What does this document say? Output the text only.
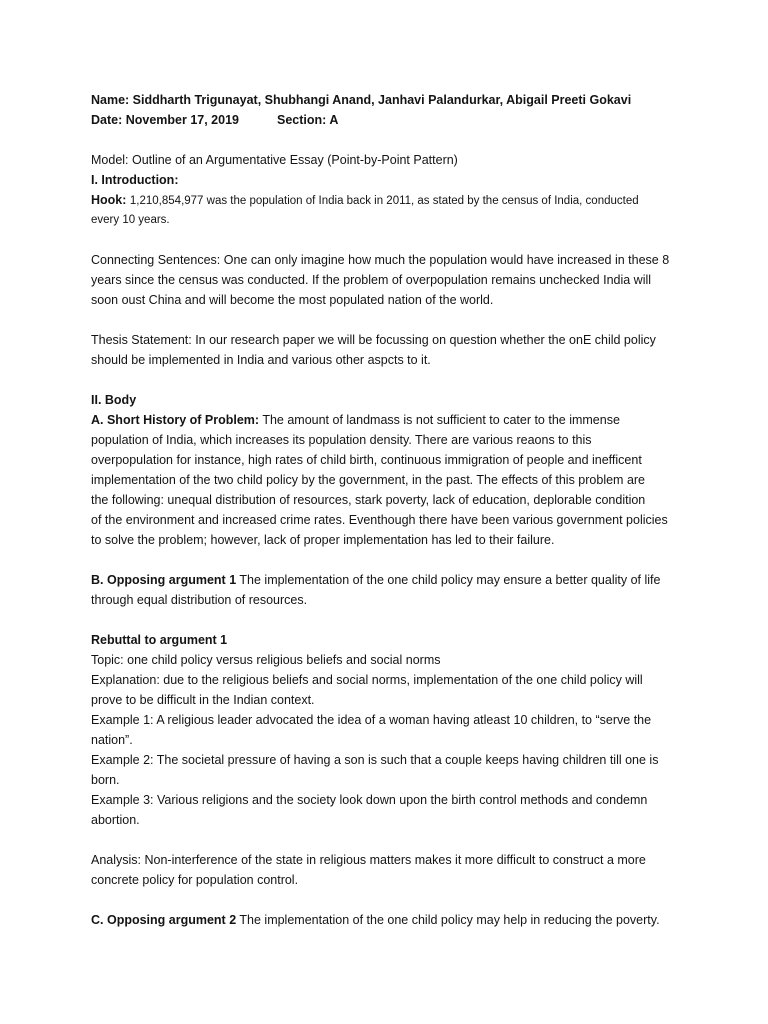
Name: Siddharth Trigunayat, Shubhangi Anand, Janhavi Palandurkar, Abigail Preeti Gokavi
Date: November 17, 2019	Section: A
Model: Outline of an Argumentative Essay (Point-by-Point Pattern)
I. Introduction:
Hook: 1,210,854,977 was the population of India back in 2011, as stated by the census of India, conducted
every 10 years.
Connecting Sentences: One can only imagine how much the population would have increased in these 8
years since the census was conducted. If the problem of overpopulation remains unchecked India will
soon oust China and will become the most populated nation of the world.
Thesis Statement: In our research paper we will be focussing on question whether the onE child policy
should be implemented in India and various other aspcts to it.
II. Body
A. Short History of Problem: The amount of landmass is not sufficient to cater to the immense
population of India, which increases its population density. There are various reaons to this
overpopulation for instance, high rates of child birth, continuous immigration of people and inefficent
implementation of the two child policy by the government, in the past. The effects of this problem are
the following: unequal distribution of resources, stark poverty, lack of education, deplorable condition
of the environment and increased crime rates. Eventhough there have been various government policies
to solve the problem; however, lack of proper implementation has led to their failure.
B. Opposing argument 1 The implementation of the one child policy may ensure a better quality of life
through equal distribution of resources.
Rebuttal to argument 1
Topic: one child policy versus religious beliefs and social norms
Explanation: due to the religious beliefs and social norms, implementation of the one child policy will
prove to be difficult in the Indian context.
Example 1: A religious leader advocated the idea of a woman having atleast 10 children, to “serve the
nation”.
Example 2: The societal pressure of having a son is such that a couple keeps having children till one is
born.
Example 3: Various religions and the society look down upon the birth control methods and condemn
abortion.
Analysis: Non-interference of the state in religious matters makes it more difficult to construct a more
concrete policy for population control.
C. Opposing argument 2 The implementation of the one child policy may help in reducing the poverty.
